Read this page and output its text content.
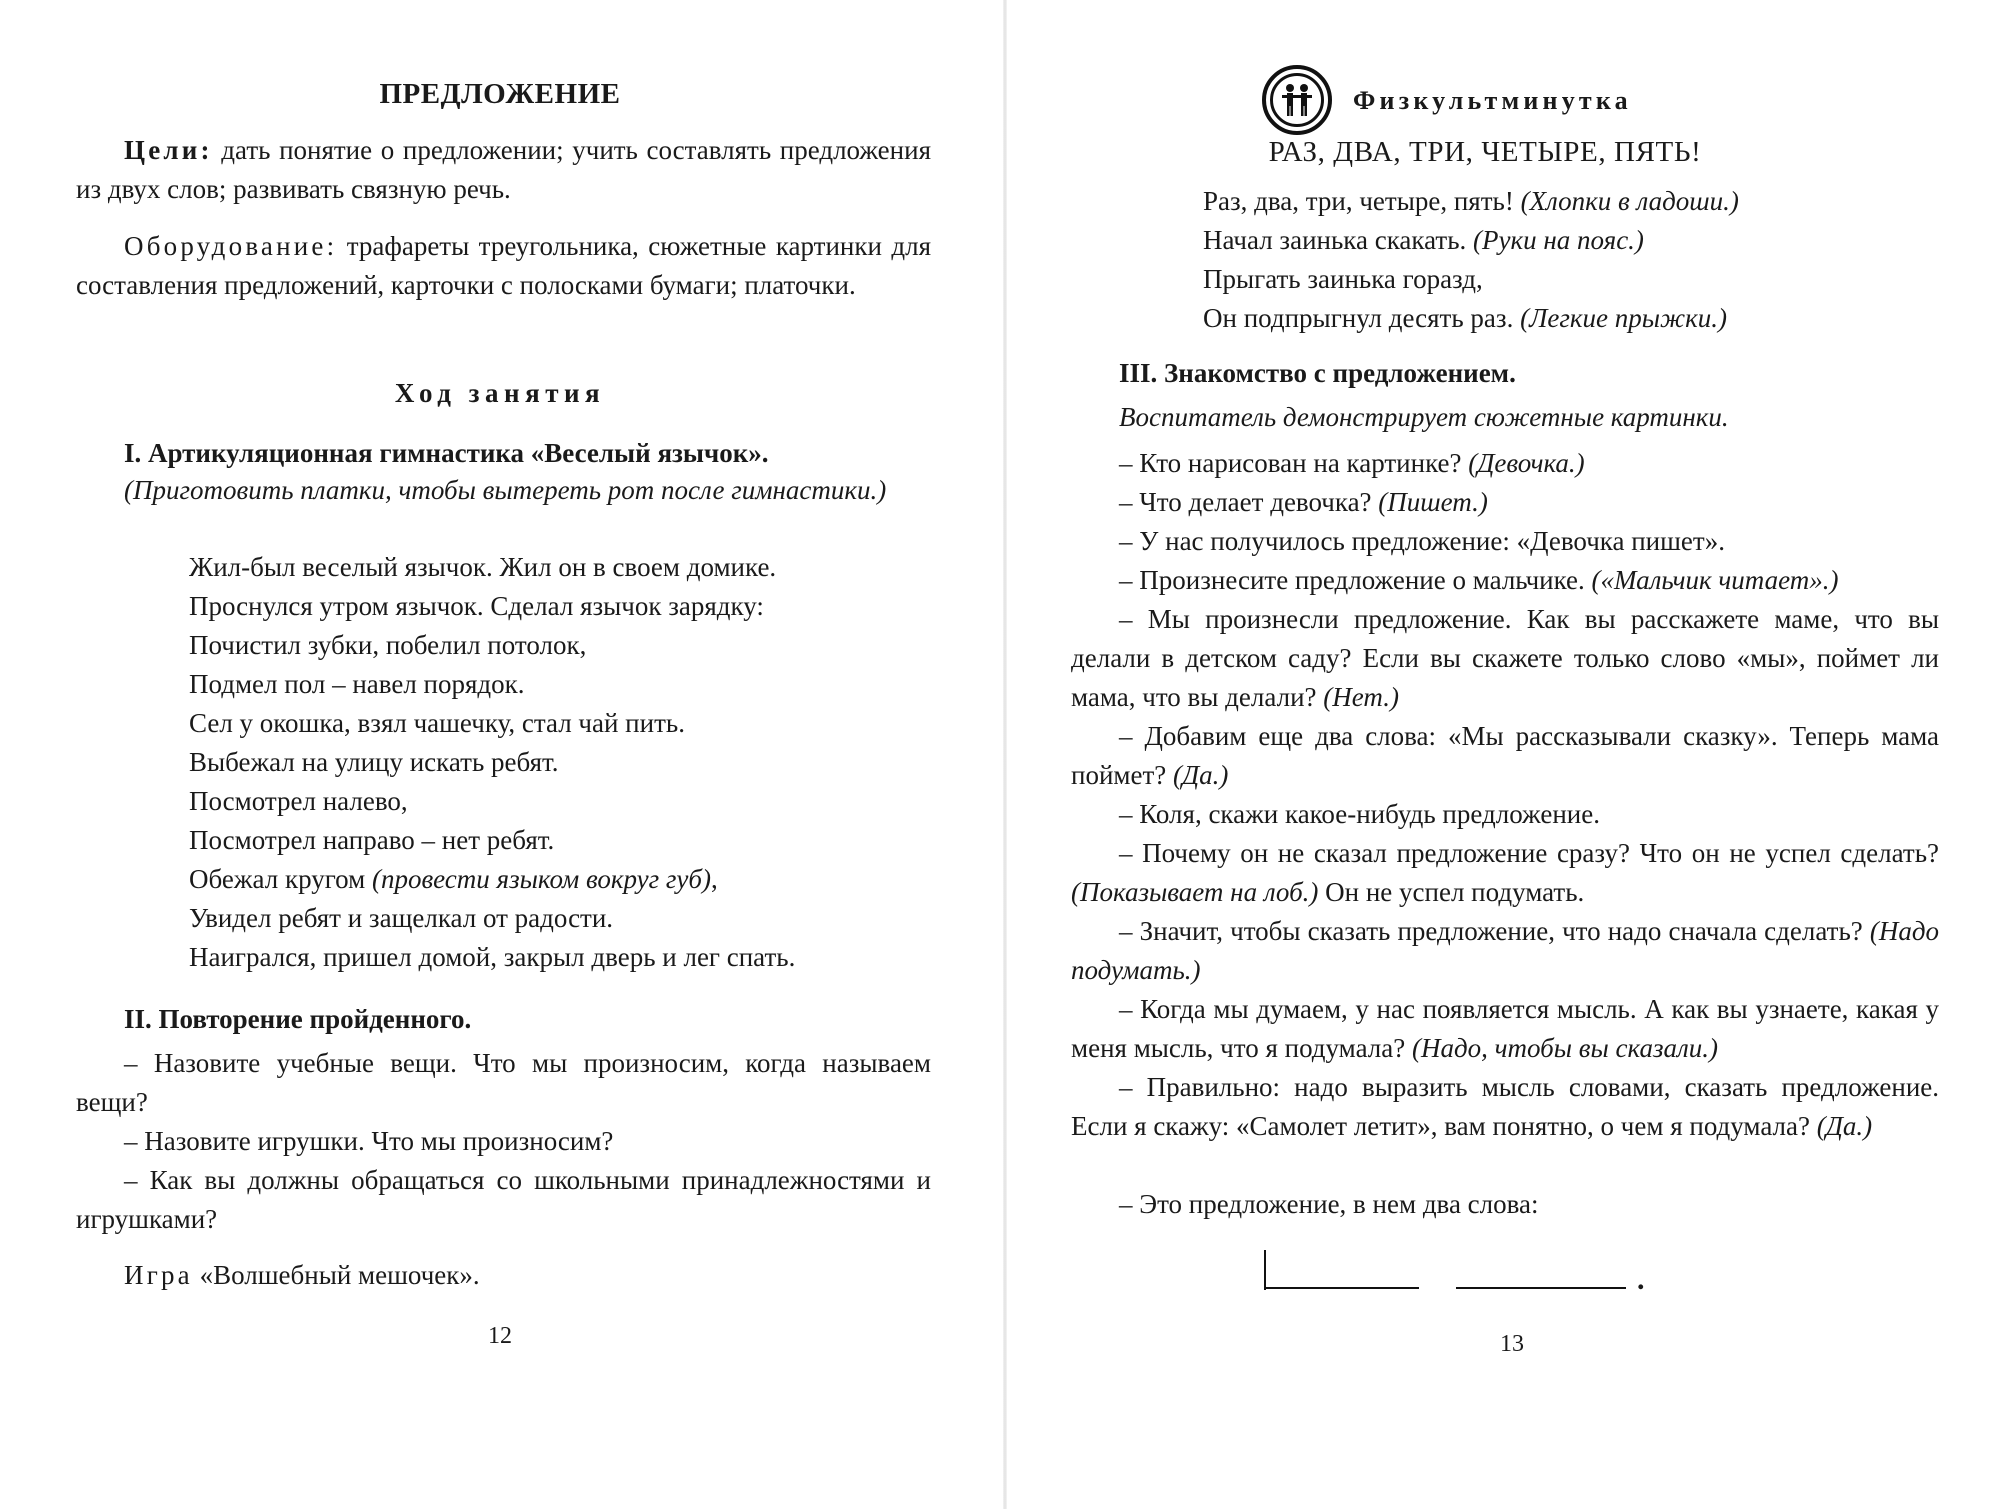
ПРЕДЛОЖЕНИЕ

Цели: дать понятие о предложении; учить составлять предложения из двух слов; развивать связную речь.

Оборудование: трафареты треугольника, сюжетные картинки для составления предложений, карточки с полосками бумаги; платочки.

Ход занятия
I. Артикуляционная гимнастика «Веселый язычок».

(Приготовить платки, чтобы вытереть рот после гимнастики.)

Жил-был веселый язычок. Жил он в своем домике.
Проснулся утром язычок. Сделал язычок зарядку:
Почистил зубки, побелил потолок,
Подмел пол – навел порядок.
Сел у окошка, взял чашечку, стал чай пить.
Выбежал на улицу искать ребят.
Посмотрел налево,
Посмотрел направо – нет ребят.
Обежал кругом (провести языком вокруг губ),
Увидел ребят и защелкал от радости.
Наигрался, пришел домой, закрыл дверь и лег спать.
II. Повторение пройденного.

– Назовите учебные вещи. Что мы произносим, когда называем вещи?

– Назовите игрушки. Что мы произносим?

– Как вы должны обращаться со школьными принадлежностями и игрушками?

Игра «Волшебный мешочек».

12
Физкультминутка
РАЗ, ДВА, ТРИ, ЧЕТЫРЕ, ПЯТЬ!
Раз, два, три, четыре, пять! (Хлопки в ладоши.)
Начал заинька скакать. (Руки на пояс.)
Прыгать заинька горазд,
Он подпрыгнул десять раз. (Легкие прыжки.)
III. Знакомство с предложением.
Воспитатель демонстрирует сюжетные картинки.

– Кто нарисован на картинке? (Девочка.)

– Что делает девочка? (Пишет.)

– У нас получилось предложение: «Девочка пишет».

– Произнесите предложение о мальчике. («Мальчик читает».)

– Мы произнесли предложение. Как вы расскажете маме, что вы делали в детском саду? Если вы скажете только слово «мы», поймет ли мама, что вы делали? (Нет.)

– Добавим еще два слова: «Мы рассказывали сказку». Теперь мама поймет? (Да.)

– Коля, скажи какое-нибудь предложение.

– Почему он не сказал предложение сразу? Что он не успел сделать? (Показывает на лоб.) Он не успел подумать.

– Значит, чтобы сказать предложение, что надо сначала сделать? (Надо подумать.)

– Когда мы думаем, у нас появляется мысль. А как вы узнаете, какая у меня мысль, что я подумала? (Надо, чтобы вы сказали.)

– Правильно: надо выразить мысль словами, сказать предложение. Если я скажу: «Самолет летит», вам понятно, о чем я подумала? (Да.)

– Это предложение, в нем два слова:

.
13
